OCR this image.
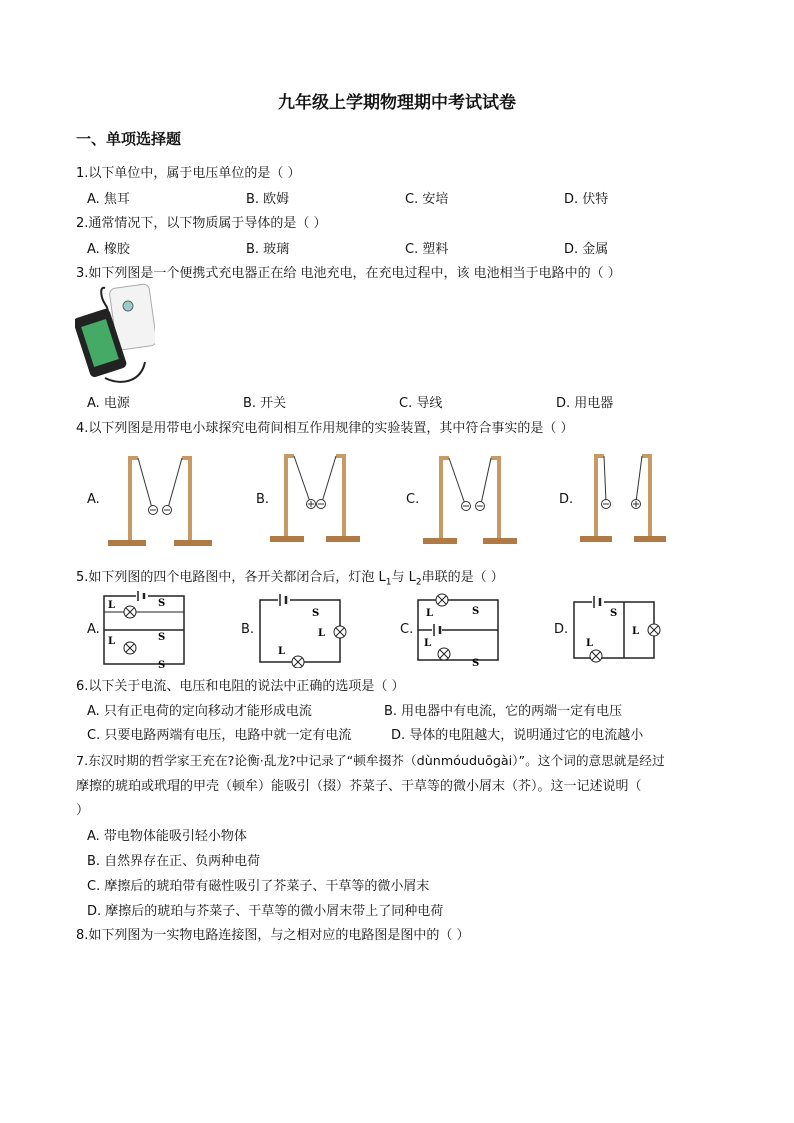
九年级上学期物理期中考试试卷
一、单项选择题
1.以下单位中，属于电压单位的是（ ）
A. 焦耳	B. 欧姆	C. 安培	D. 伏特
2.通常情况下，以下物质属于导体的是（ ）
A. 橡胶	B. 玻璃	C. 塑料	D. 金属
3.如下列图是一个便携式充电器正在给 电池充电，在充电过程中，该 电池相当于电路中的（ ）
A. 电源	B. 开关	C. 导线	D. 用电器
4.以下列图是用带电小球探究电荷间相互作用规律的实验装置，其中符合事实的是（ ）
A.	B.	C.	D.
5.如下列图的四个电路图中，各开关都闭合后，灯泡 $L_1$与 $L_2$串联的是（ ）
A.	B.	C.	D.
L
L
S
S
S
S
L
L
L
L
S
S
S
L
L
6.以下关于电流、电压和电阻的说法中正确的选项是（ ）
A. 只有正电荷的定向移动才能形成电流	B. 用电器中有电流，它的两端一定有电压
C. 只要电路两端有电压，电路中就一定有电流	D. 导体的电阻越大，说明通过它的电流越小
7.东汉时期的哲学家王充在?论衡·乱龙?中记录了“顿牟掇芥（dùnmóuduōgài）”。这个词的意思就是经过
摩擦的琥珀或玳瑁的甲壳（顿牟）能吸引（掇）芥菜子、干草等的微小屑末（芥）。这一记述说明（
）
A. 带电物体能吸引轻小物体
B. 自然界存在正、负两种电荷
C. 摩擦后的琥珀带有磁性吸引了芥菜子、干草等的微小屑末
D. 摩擦后的琥珀与芥菜子、干草等的微小屑末带上了同种电荷
8.如下列图为一实物电路连接图，与之相对应的电路图是图中的（ ）
